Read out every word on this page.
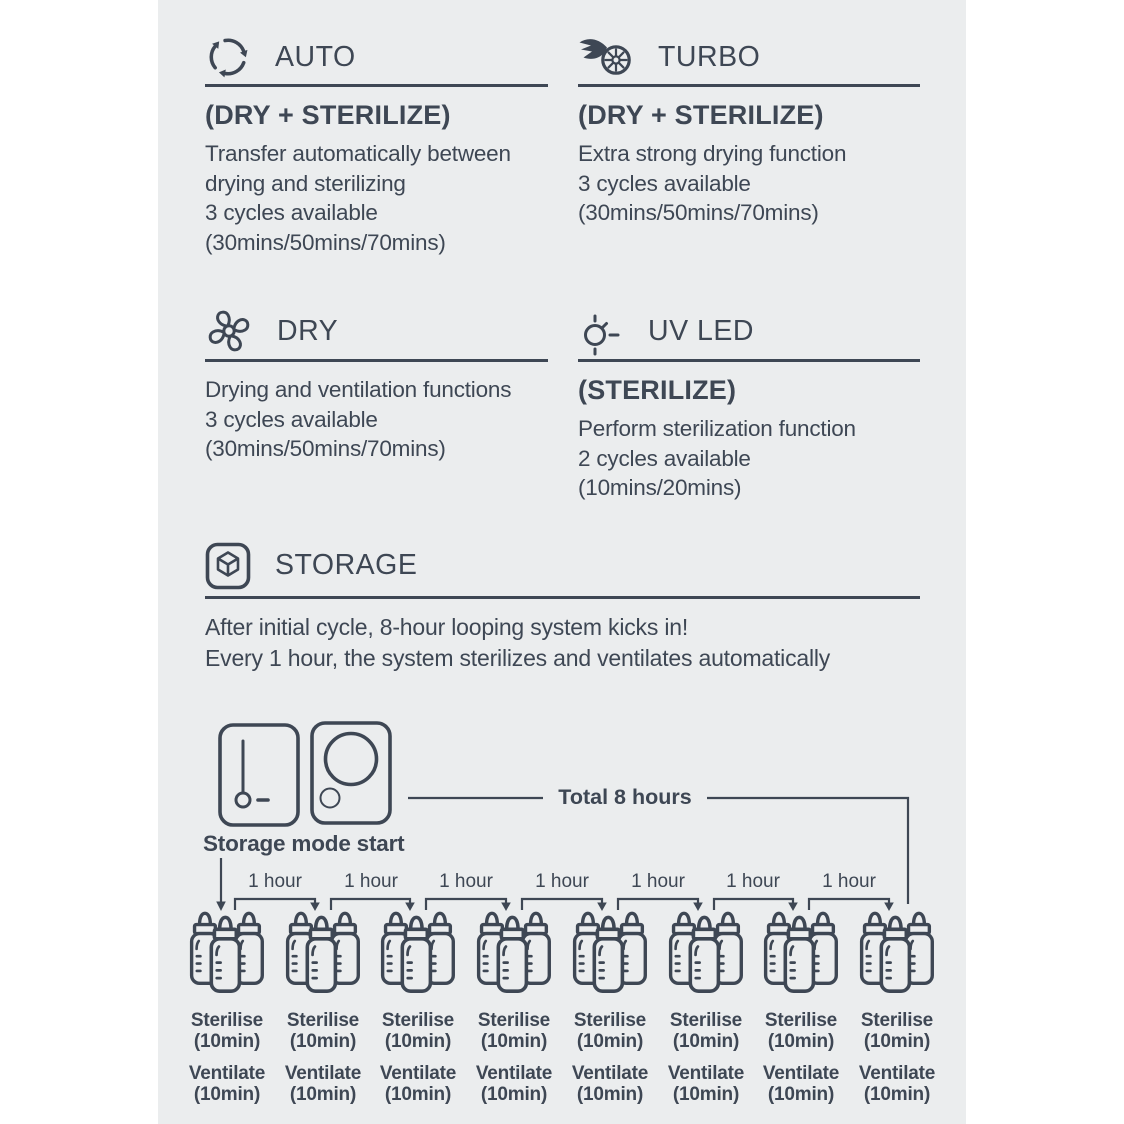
AUTO
(DRY + STERILIZE)
Transfer automatically between
drying and sterilizing
3 cycles available
(30mins/50mins/70mins)
TURBO
(DRY + STERILIZE)
Extra strong drying function
3 cycles available
(30mins/50mins/70mins)
DRY
Drying and ventilation functions
3 cycles available
(30mins/50mins/70mins)
UV LED
(STERILIZE)
Perform sterilization function
2 cycles available
(10mins/20mins)
STORAGE
After initial cycle, 8-hour looping system kicks in!
Every 1 hour, the system sterilizes and ventilates automatically
Storage mode start
Total 8 hours
1 hour	1 hour	1 hour	1 hour	1 hour	1 hour	1 hour
Sterilise
(10min)
Ventilate
(10min)
Sterilise
(10min)
Ventilate
(10min)
Sterilise
(10min)
Ventilate
(10min)
Sterilise
(10min)
Ventilate
(10min)
Sterilise
(10min)
Ventilate
(10min)
Sterilise
(10min)
Ventilate
(10min)
Sterilise
(10min)
Ventilate
(10min)
Sterilise
(10min)
Ventilate
(10min)
